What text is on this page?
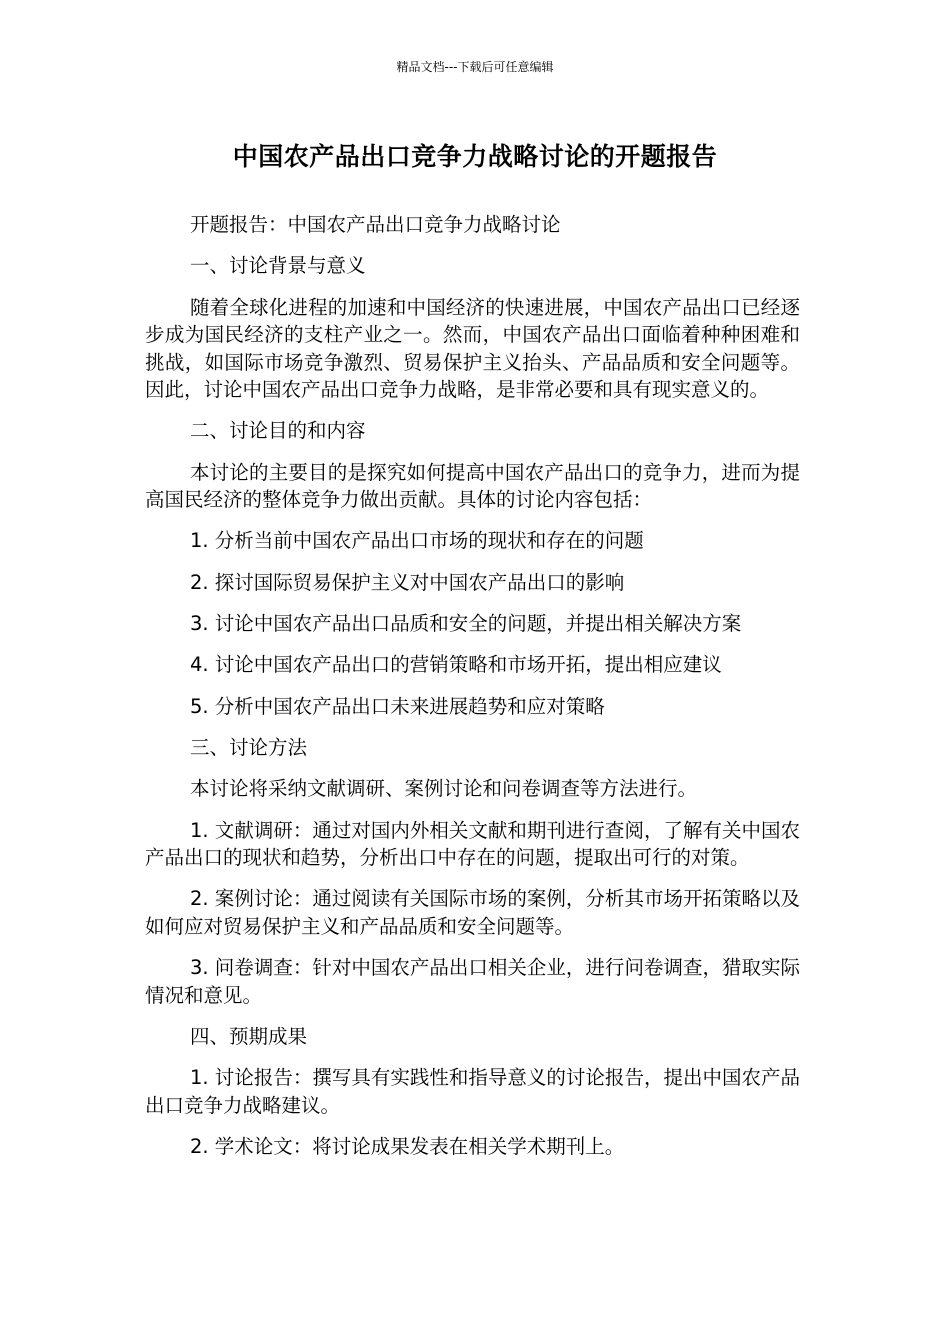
精品文档---下载后可任意编辑
中国农产品出口竞争力战略讨论的开题报告

开题报告：中国农产品出口竞争力战略讨论

一、讨论背景与意义

随着全球化进程的加速和中国经济的快速进展，中国农产品出口已经逐步成为国民经济的支柱产业之一。然而，中国农产品出口面临着种种困难和挑战，如国际市场竞争激烈、贸易保护主义抬头、产品品质和安全问题等。因此，讨论中国农产品出口竞争力战略，是非常必要和具有现实意义的。

二、讨论目的和内容

本讨论的主要目的是探究如何提高中国农产品出口的竞争力，进而为提高国民经济的整体竞争力做出贡献。具体的讨论内容包括：

1. 分析当前中国农产品出口市场的现状和存在的问题

2. 探讨国际贸易保护主义对中国农产品出口的影响

3. 讨论中国农产品出口品质和安全的问题，并提出相关解决方案

4. 讨论中国农产品出口的营销策略和市场开拓，提出相应建议

5. 分析中国农产品出口未来进展趋势和应对策略

三、讨论方法

本讨论将采纳文献调研、案例讨论和问卷调查等方法进行。

1. 文献调研：通过对国内外相关文献和期刊进行查阅，了解有关中国农产品出口的现状和趋势，分析出口中存在的问题，提取出可行的对策。

2. 案例讨论：通过阅读有关国际市场的案例，分析其市场开拓策略以及如何应对贸易保护主义和产品品质和安全问题等。

3. 问卷调查：针对中国农产品出口相关企业，进行问卷调查，猎取实际情况和意见。

四、预期成果

1. 讨论报告：撰写具有实践性和指导意义的讨论报告，提出中国农产品出口竞争力战略建议。

2. 学术论文：将讨论成果发表在相关学术期刊上。
